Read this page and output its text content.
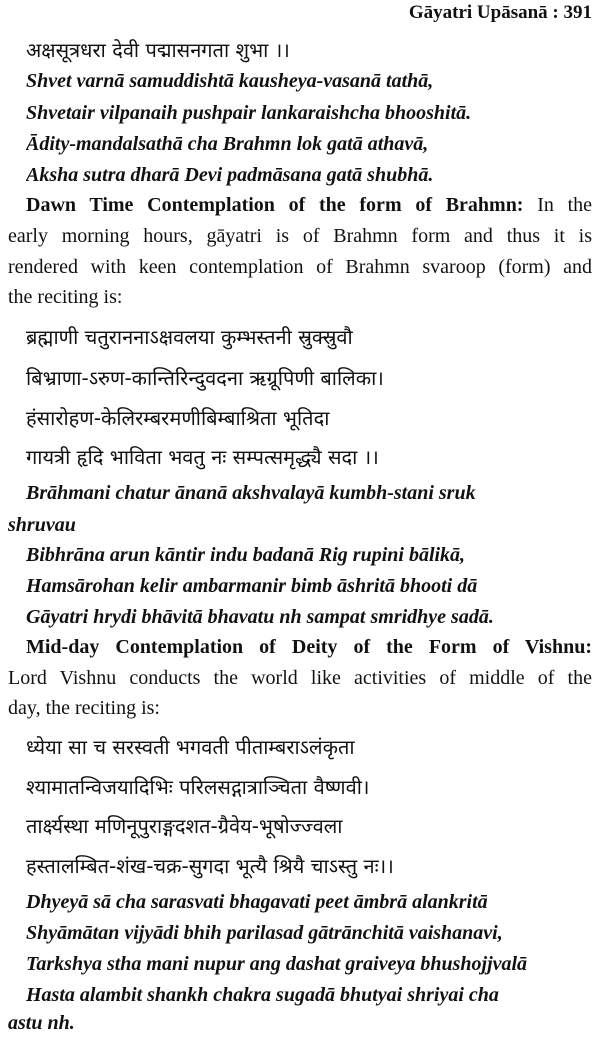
Gāyatri Upāsanā : 391
अक्षसूत्रधरा देवी पद्मासनगता शुभा ।।
Shvet varnā samuddishtā kausheya-vasanā tathā,
Shvetair vilpanaih pushpair lankaraishcha bhooshitā.
Ādity-mandalsathā cha Brahmn lok gatā athavā,
Aksha sutra dharā Devi padmāsana gatā shubhā.
Dawn Time Contemplation of the form of Brahmn: In the
early morning hours, gāyatri is of Brahmn form and thus it is
rendered with keen contemplation of Brahmn svaroop (form) and
the reciting is:
ब्रह्माणी चतुराननाऽक्षवलया कुम्भस्तनी स्रुक्स्रुवौ
बिभ्राणा-ऽरुण-कान्तिरिन्दुवदना ऋग्रूपिणी बालिका।
हंसारोहण-केलिरम्बरमणीबिम्बाश्रिता भूतिदा
गायत्री हृदि भाविता भवतु नः सम्पत्समृद्ध्यै सदा ।।
Brāhmani chatur ānanā akshvalayā kumbh-stani sruk
shruvau
Bibhrāna arun kāntir indu badanā Rig rupini bālikā,
Hamsārohan kelir ambarmanir bimb āshritā bhooti dā
Gāyatri hrydi bhāvitā bhavatu nh sampat smridhye sadā.
Mid-day Contemplation of Deity of the Form of Vishnu:
Lord Vishnu conducts the world like activities of middle of the
day, the reciting is:
ध्येया सा च सरस्वती भगवती पीताम्बराऽलंकृता
श्यामातन्विजयादिभिः परिलसद्गात्राञ्चिता वैष्णवी।
तार्क्ष्यस्था मणिनूपुराङ्गदशत-ग्रैवेय-भूषोज्ज्वला
हस्तालम्बित-शंख-चक्र-सुगदा भूत्यै श्रियै चाऽस्तु नः।।
Dhyeyā sā cha sarasvati bhagavati peet āmbrā alankritā
Shyāmātan vijyādi bhih parilasad gātrānchitā vaishanavi,
Tarkshya stha mani nupur ang dashat graiveya bhushojjvalā
Hasta alambit shankh chakra sugadā bhutyai shriyai cha
astu nh.
